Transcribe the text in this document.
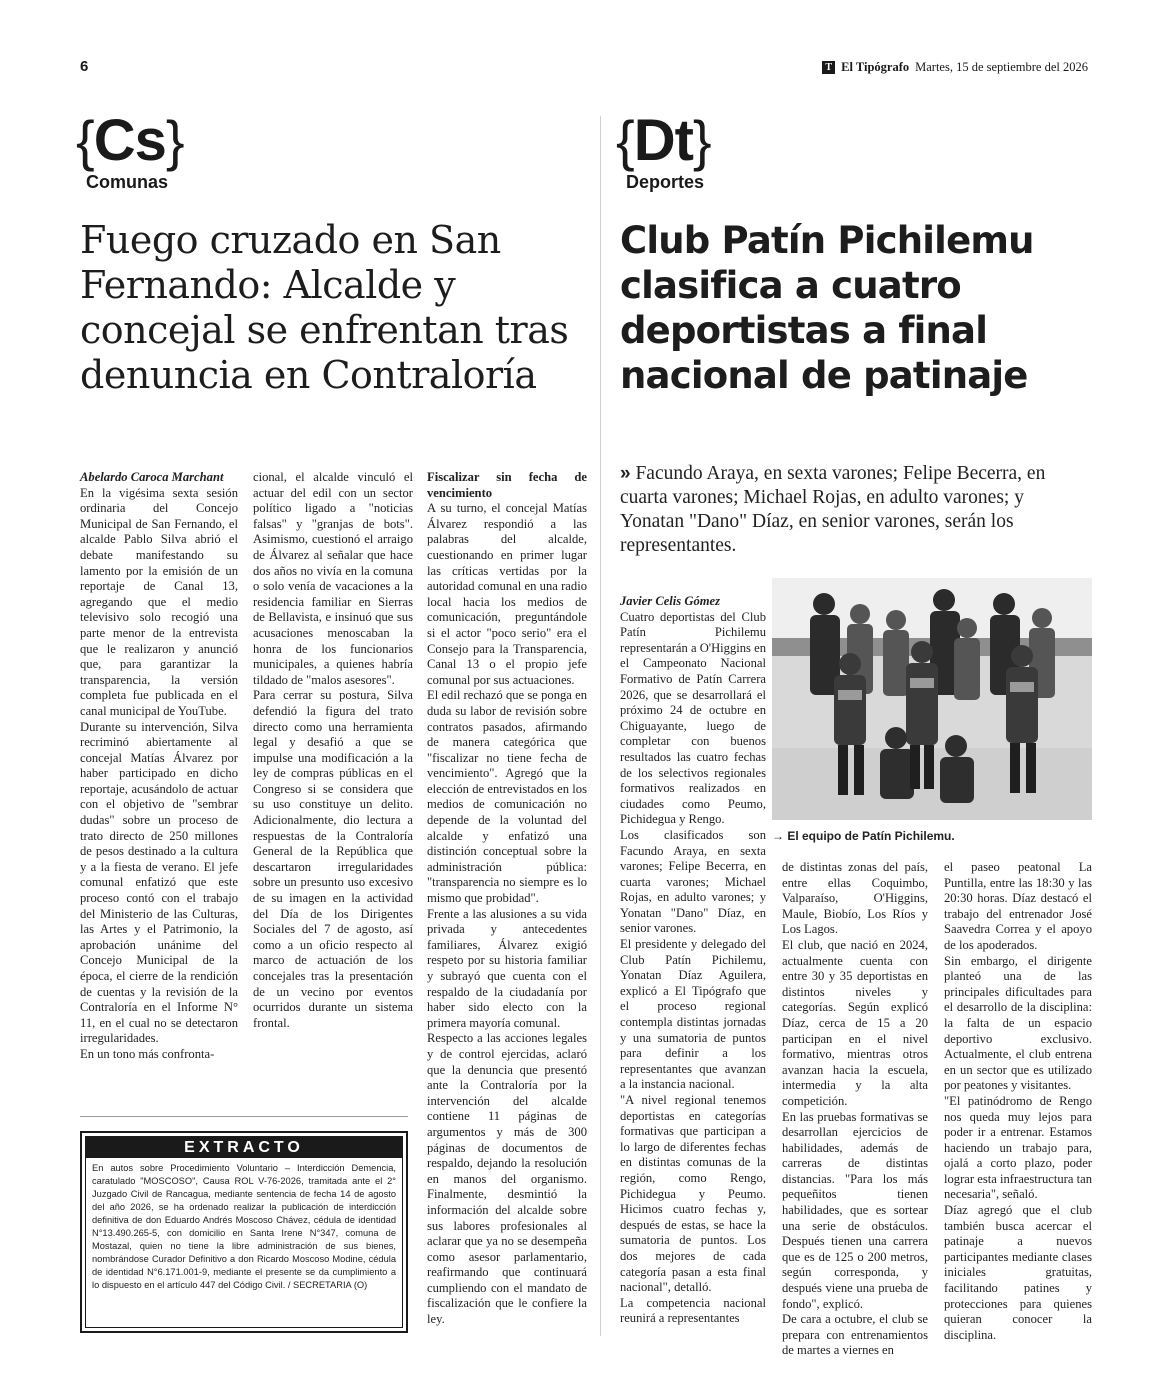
6	T El Tipógrafo Martes, 15 de septiembre del 2026
{Cs}
Comunas
{Dt}
Deportes
Fuego cruzado en San Fernando: Alcalde y concejal se enfrentan tras denuncia en Contraloría
Club Patín Pichilemu clasifica a cuatro deportistas a final nacional de patinaje

Abelardo Caroca Marchant

En la vigésima sexta sesión ordinaria del Concejo Municipal de San Fernando, el alcalde Pablo Silva abrió el debate manifestando su lamento por la emisión de un reportaje de Canal 13, agregando que el medio televisivo solo recogió una parte menor de la entrevista que le realizaron y anunció que, para garantizar la transparencia, la versión completa fue publicada en el canal municipal de YouTube.

Durante su intervención, Silva recriminó abiertamente al concejal Matías Álvarez por haber participado en dicho reportaje, acusándolo de actuar con el objetivo de "sembrar dudas" sobre un proceso de trato directo de 250 millones de pesos destinado a la cultura y a la fiesta de verano. El jefe comunal enfatizó que este proceso contó con el trabajo del Ministerio de las Culturas, las Artes y el Patrimonio, la aprobación unánime del Concejo Municipal de la época, el cierre de la rendición de cuentas y la revisión de la Contraloría en el Informe N° 11, en el cual no se detectaron irregularidades.

En un tono más confronta-

cional, el alcalde vinculó el actuar del edil con un sector político ligado a "noticias falsas" y "granjas de bots". Asimismo, cuestionó el arraigo de Álvarez al señalar que hace dos años no vivía en la comuna o solo venía de vacaciones a la residencia familiar en Sierras de Bellavista, e insinuó que sus acusaciones menoscaban la honra de los funcionarios municipales, a quienes habría tildado de "malos asesores".

Para cerrar su postura, Silva defendió la figura del trato directo como una herramienta legal y desafió a que se impulse una modificación a la ley de compras públicas en el Congreso si se considera que su uso constituye un delito. Adicionalmente, dio lectura a respuestas de la Contraloría General de la República que descartaron irregularidades sobre un presunto uso excesivo de su imagen en la actividad del Día de los Dirigentes Sociales del 7 de agosto, así como a un oficio respecto al marco de actuación de los concejales tras la presentación de un vecino por eventos ocurridos durante un sistema frontal.

Fiscalizar sin fecha de vencimiento

A su turno, el concejal Matías Álvarez respondió a las palabras del alcalde, cuestionando en primer lugar las críticas vertidas por la autoridad comunal en una radio local hacia los medios de comunicación, preguntándole si el actor "poco serio" era el Consejo para la Transparencia, Canal 13 o el propio jefe comunal por sus actuaciones.

El edil rechazó que se ponga en duda su labor de revisión sobre contratos pasados, afirmando de manera categórica que "fiscalizar no tiene fecha de vencimiento". Agregó que la elección de entrevistados en los medios de comunicación no depende de la voluntad del alcalde y enfatizó una distinción conceptual sobre la administración pública: "transparencia no siempre es lo mismo que probidad".

Frente a las alusiones a su vida privada y antecedentes familiares, Álvarez exigió respeto por su historia familiar y subrayó que cuenta con el respaldo de la ciudadanía por haber sido electo con la primera mayoría comunal.

Respecto a las acciones legales y de control ejercidas, aclaró que la denuncia que presentó ante la Contraloría por la intervención del alcalde contiene 11 páginas de argumentos y más de 300 páginas de documentos de respaldo, dejando la resolución en manos del organismo. Finalmente, desmintió la información del alcalde sobre sus labores profesionales al aclarar que ya no se desempeña como asesor parlamentario, reafirmando que continuará cumpliendo con el mandato de fiscalización que le confiere la ley.

EXTRACTO

En autos sobre Procedimiento Voluntario – Interdicción Demencia, caratulado "MOSCOSO", Causa ROL V-76-2026, tramitada ante el 2° Juzgado Civil de Rancagua, mediante sentencia de fecha 14 de agosto del año 2026, se ha ordenado realizar la publicación de interdicción definitiva de don Eduardo Andrés Moscoso Chávez, cédula de identidad N°13.490.265-5, con domicilio en Santa Irene N°347, comuna de Mostazal, quien no tiene la libre administración de sus bienes, nombrándose Curador Definitivo a don Ricardo Moscoso Modine, cédula de identidad N°6.171.001-9, mediante el presente se da cumplimiento a lo dispuesto en el artículo 447 del Código Civil. / SECRETARIA (O)

» Facundo Araya, en sexta varones; Felipe Becerra, en cuarta varones; Michael Rojas, en adulto varones; y Yonatan "Dano" Díaz, en senior varones, serán los representantes.

Javier Celis Gómez

Cuatro deportistas del Club Patín Pichilemu representarán a O'Higgins en el Campeonato Nacional Formativo de Patín Carrera 2026, que se desarrollará el próximo 24 de octubre en Chiguayante, luego de completar con buenos resultados las cuatro fechas de los selectivos regionales formativos realizados en ciudades como Peumo, Pichidegua y Rengo.

Los clasificados son Facundo Araya, en sexta varones; Felipe Becerra, en cuarta varones; Michael Rojas, en adulto varones; y Yonatan "Dano" Díaz, en senior varones.

El presidente y delegado del Club Patín Pichilemu, Yonatan Díaz Aguilera, explicó a El Tipógrafo que el proceso regional contempla distintas jornadas y una sumatoria de puntos para definir a los representantes que avanzan a la instancia nacional.

"A nivel regional tenemos deportistas en categorías formativas que participan a lo largo de diferentes fechas en distintas comunas de la región, como Rengo, Pichidegua y Peumo. Hicimos cuatro fechas y, después de estas, se hace la sumatoria de puntos. Los dos mejores de cada categoría pasan a esta final nacional", detalló.

La competencia nacional reunirá a representantes

→ El equipo de Patín Pichilemu.

de distintas zonas del país, entre ellas Coquimbo, Valparaíso, O'Higgins, Maule, Biobío, Los Ríos y Los Lagos.

El club, que nació en 2024, actualmente cuenta con entre 30 y 35 deportistas en distintos niveles y categorías. Según explicó Díaz, cerca de 15 a 20 participan en el nivel formativo, mientras otros avanzan hacia la escuela, intermedia y la alta competición.

En las pruebas formativas se desarrollan ejercicios de habilidades, además de carreras de distintas distancias. "Para los más pequeñitos tienen habilidades, que es sortear una serie de obstáculos. Después tienen una carrera que es de 125 o 200 metros, según corresponda, y después viene una prueba de fondo", explicó.

De cara a octubre, el club se prepara con entrenamientos de martes a viernes en

el paseo peatonal La Puntilla, entre las 18:30 y las 20:30 horas. Díaz destacó el trabajo del entrenador José Saavedra Correa y el apoyo de los apoderados.

Sin embargo, el dirigente planteó una de las principales dificultades para el desarrollo de la disciplina: la falta de un espacio deportivo exclusivo. Actualmente, el club entrena en un sector que es utilizado por peatones y visitantes.

"El patinódromo de Rengo nos queda muy lejos para poder ir a entrenar. Estamos haciendo un trabajo para, ojalá a corto plazo, poder lograr esta infraestructura tan necesaria", señaló.

Díaz agregó que el club también busca acercar el patinaje a nuevos participantes mediante clases iniciales gratuitas, facilitando patines y protecciones para quienes quieran conocer la disciplina.
